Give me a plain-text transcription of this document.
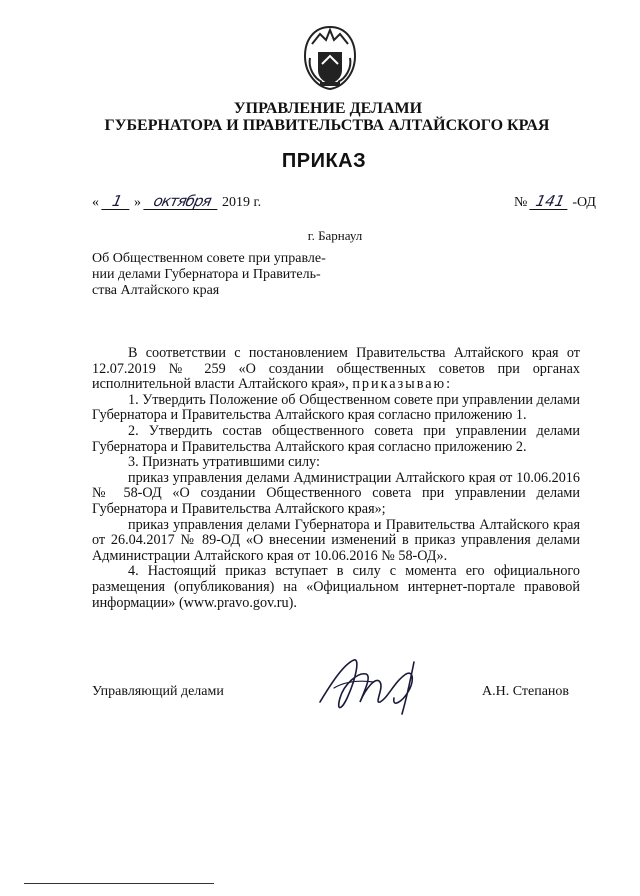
УПРАВЛЕНИЕ ДЕЛАМИ
ГУБЕРНАТОРА И ПРАВИТЕЛЬСТВА АЛТАЙСКОГО КРАЯ
ПРИКАЗ
« 1 » октября 2019 г.	№ 141 -ОД
г. Барнаул
Об Общественном совете при управле-
нии делами Губернатора и Правитель-
ства Алтайского края

В соответствии с постановлением Правительства Алтайского края от 12.07.2019 № 259 «О создании общественных советов при органах исполнительной власти Алтайского края», приказываю:

1. Утвердить Положение об Общественном совете при управлении делами Губернатора и Правительства Алтайского края согласно приложению 1.

2. Утвердить состав общественного совета при управлении делами Губернатора и Правительства Алтайского края согласно приложению 2.

3. Признать утратившими силу:

приказ управления делами Администрации Алтайского края от 10.06.2016 № 58-ОД «О создании Общественного совета при управлении делами Губернатора и Правительства Алтайского края»;

приказ управления делами Губернатора и Правительства Алтайского края от 26.04.2017 № 89-ОД «О внесении изменений в приказ управления делами Администрации Алтайского края от 10.06.2016 № 58-ОД».

4. Настоящий приказ вступает в силу с момента его официального размещения (опубликования) на «Официальном интернет-портале правовой информации» (www.pravo.gov.ru).

Управляющий делами	А.Н. Степанов
